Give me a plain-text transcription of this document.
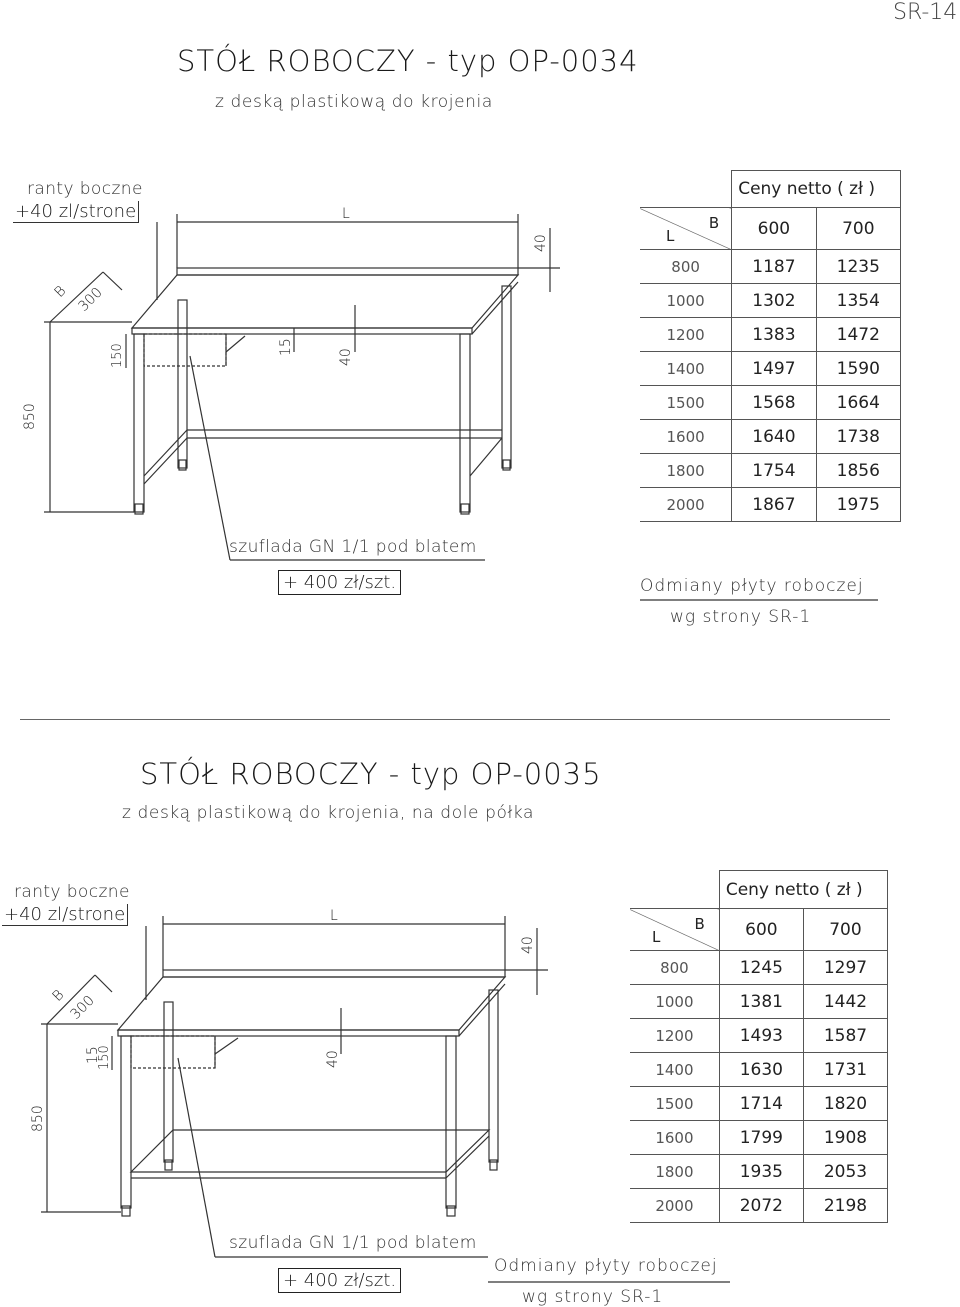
SR-14
STÓŁ ROBOCZY - typ OP-0034
z deską plastikową do krojenia
ranty boczne
+40 zl/strone	L
850
B 300
150	15
40
40
szuflada GN 1/1 pod blatem
+ 400 zł/szt.	Odmiany płyty roboczej
wg strony SR-1
	Ceny netto ( zł )	

L
B	600	700
800	1187	1235
1000	1302	1354
1200	1383	1472
1400	1497	1590
1500	1568	1664
1600	1640	1738
1800	1754	1856
2000	1867	1975
STÓŁ ROBOCZY - typ OP-0035
z deską plastikową do krojenia, na dole półka
ranty boczne
+40 zl/strone	L
850
B 300
15
150	40
40
szuflada GN 1/1 pod blatem
+ 400 zł/szt.
Odmiany płyty roboczej
wg strony SR-1
	Ceny netto ( zł )	

L
B	600	700
800	1245	1297
1000	1381	1442
1200	1493	1587
1400	1630	1731
1500	1714	1820
1600	1799	1908
1800	1935	2053
2000	2072	2198
